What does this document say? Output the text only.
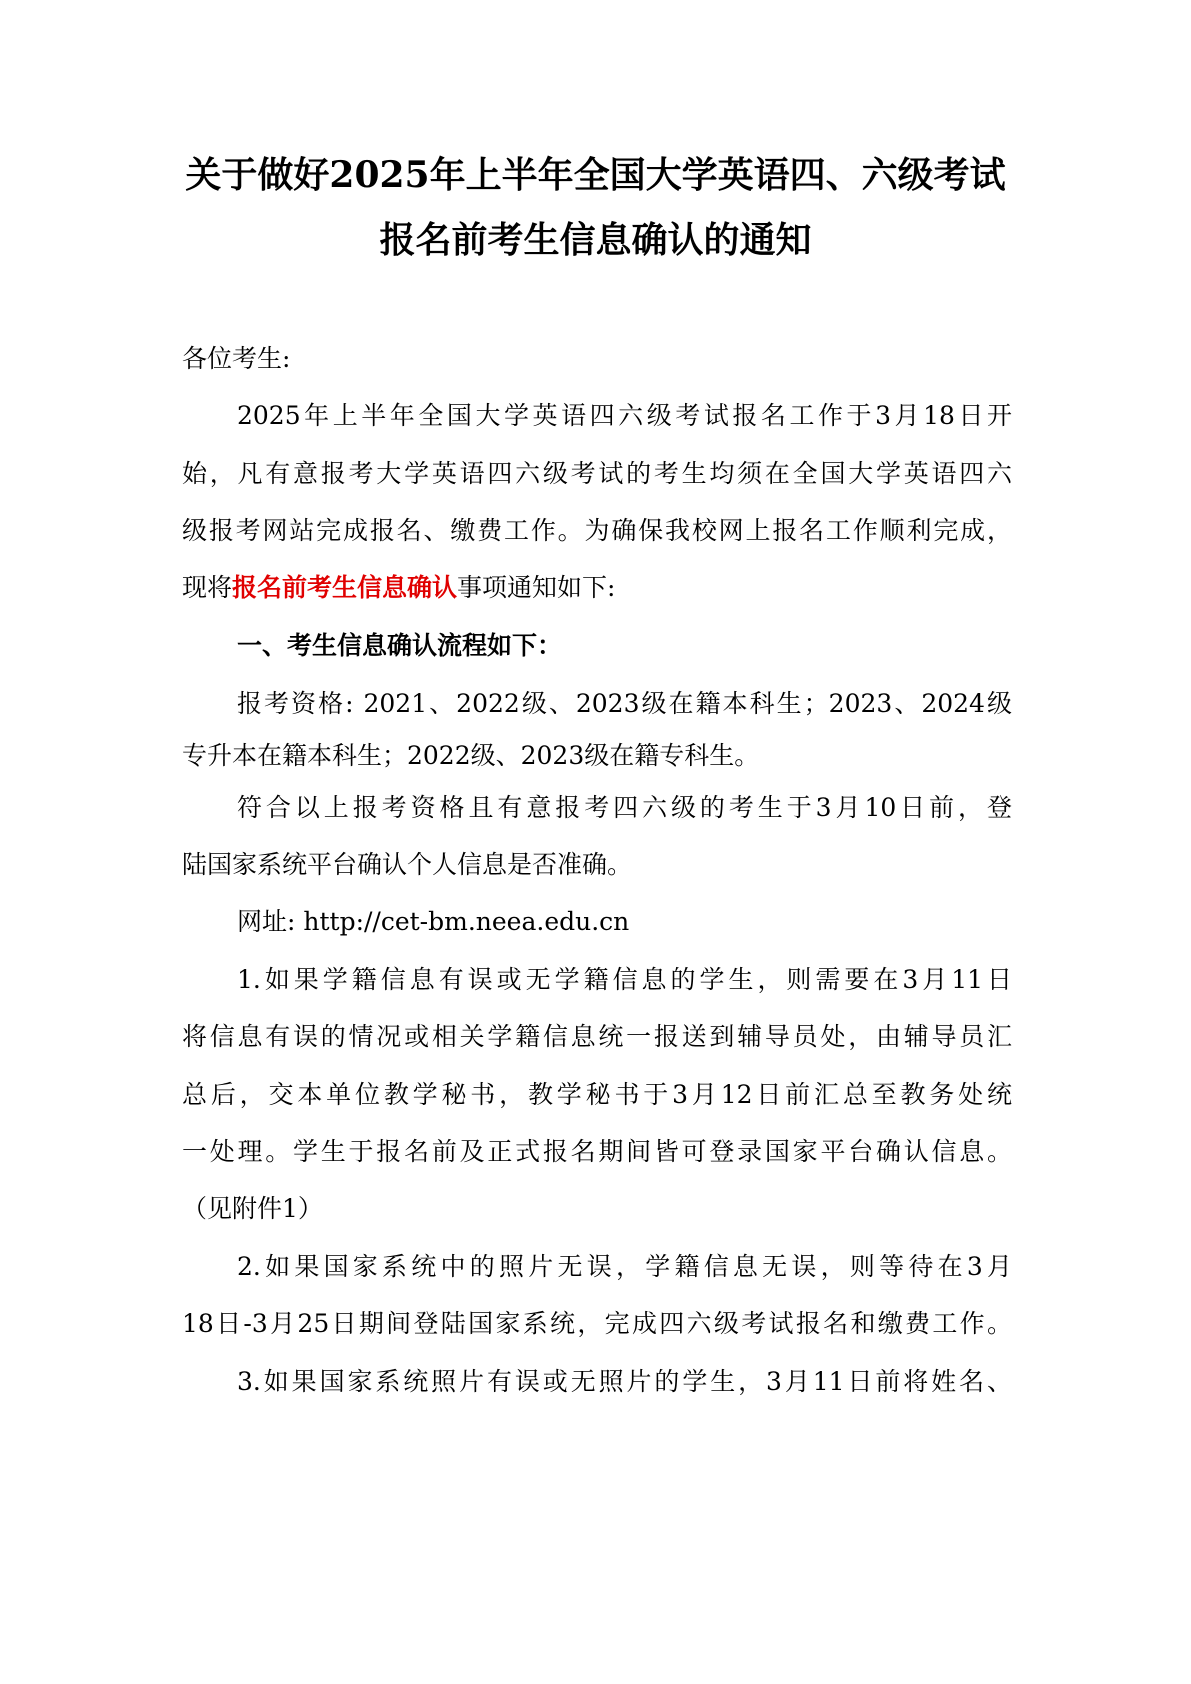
关于做好2025年上半年全国大学英语四、六级考试
报名前考生信息确认的通知
各位考生:
2025年上半年全国大学英语四六级考试报名工作于3月18日开
始，凡有意报考大学英语四六级考试的考生均须在全国大学英语四六
级报考网站完成报名、缴费工作。为确保我校网上报名工作顺利完成，
现将报名前考生信息确认事项通知如下:
一、考生信息确认流程如下：
报考资格: 2021、2022级、2023级在籍本科生；2023、2024级
专升本在籍本科生；2022级、2023级在籍专科生。
符合以上报考资格且有意报考四六级的考生于3月10日前，登
陆国家系统平台确认个人信息是否准确。
网址: http://cet-bm.neea.edu.cn
1.如果学籍信息有误或无学籍信息的学生，则需要在3月11日
将信息有误的情况或相关学籍信息统一报送到辅导员处，由辅导员汇
总后，交本单位教学秘书，教学秘书于3月12日前汇总至教务处统
一处理。学生于报名前及正式报名期间皆可登录国家平台确认信息。
（见附件1）
2.如果国家系统中的照片无误，学籍信息无误，则等待在3月
18日-3月25日期间登陆国家系统，完成四六级考试报名和缴费工作。
3.如果国家系统照片有误或无照片的学生，3月11日前将姓名、
